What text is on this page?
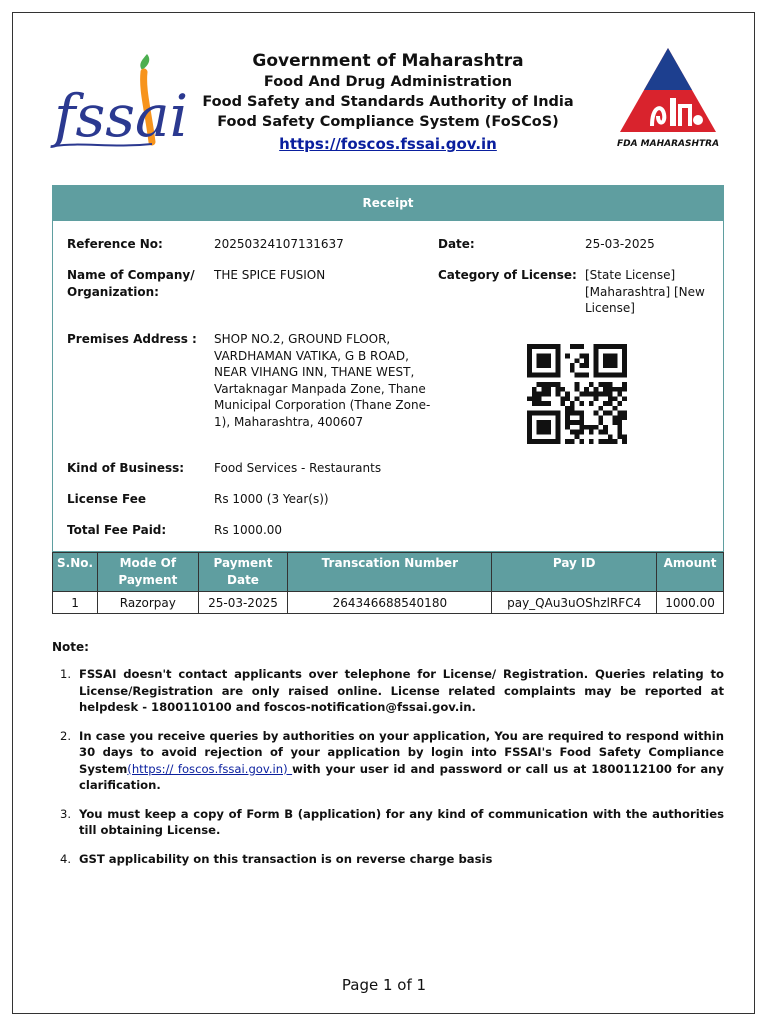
fssai
Government of Maharashtra
Food And Drug Administration
Food Safety and Standards Authority of India
Food Safety Compliance System (FoSCoS)
https://foscos.fssai.gov.in	FDA MAHARASHTRA
Receipt
Reference No:	20250324107131637	Date:	25-03-2025
Name of Company/ Organization:
THE SPICE FUSION	Category of License: [State License] [Maharashtra] [New License]
Premises Address :	SHOP NO.2, GROUND FLOOR, VARDHAMAN VATIKA, G B ROAD, NEAR VIHANG INN, THANE WEST, Vartaknagar Manpada Zone, Thane Municipal Corporation (Thane Zone-1), Maharashtra, 400607
Kind of Business:	Food Services - Restaurants
License Fee	Rs 1000 (3 Year(s))
Total Fee Paid:	Rs 1000.00
S.No.	Mode Of Payment	Payment Date	Transcation Number	Pay ID	Amount
1	Razorpay	25-03-2025	264346688540180	pay_QAu3uOShzlRFC4	1000.00
Note:
1. FSSAI doesn't contact applicants over telephone for License/ Registration. Queries relating to License/Registration are only raised online. License related complaints may be reported at helpdesk - 1800110100 and foscos-notification@fssai.gov.in.
2. In case you receive queries by authorities on your application, You are required to respond within 30 days to avoid rejection of your application by login into FSSAI's Food Safety Compliance System(https:// foscos.fssai.gov.in) with your user id and password or call us at 1800112100 for any clarification.
3. You must keep a copy of Form B (application) for any kind of communication with the authorities till obtaining License.
4. GST applicability on this transaction is on reverse charge basis
Page 1 of 1
